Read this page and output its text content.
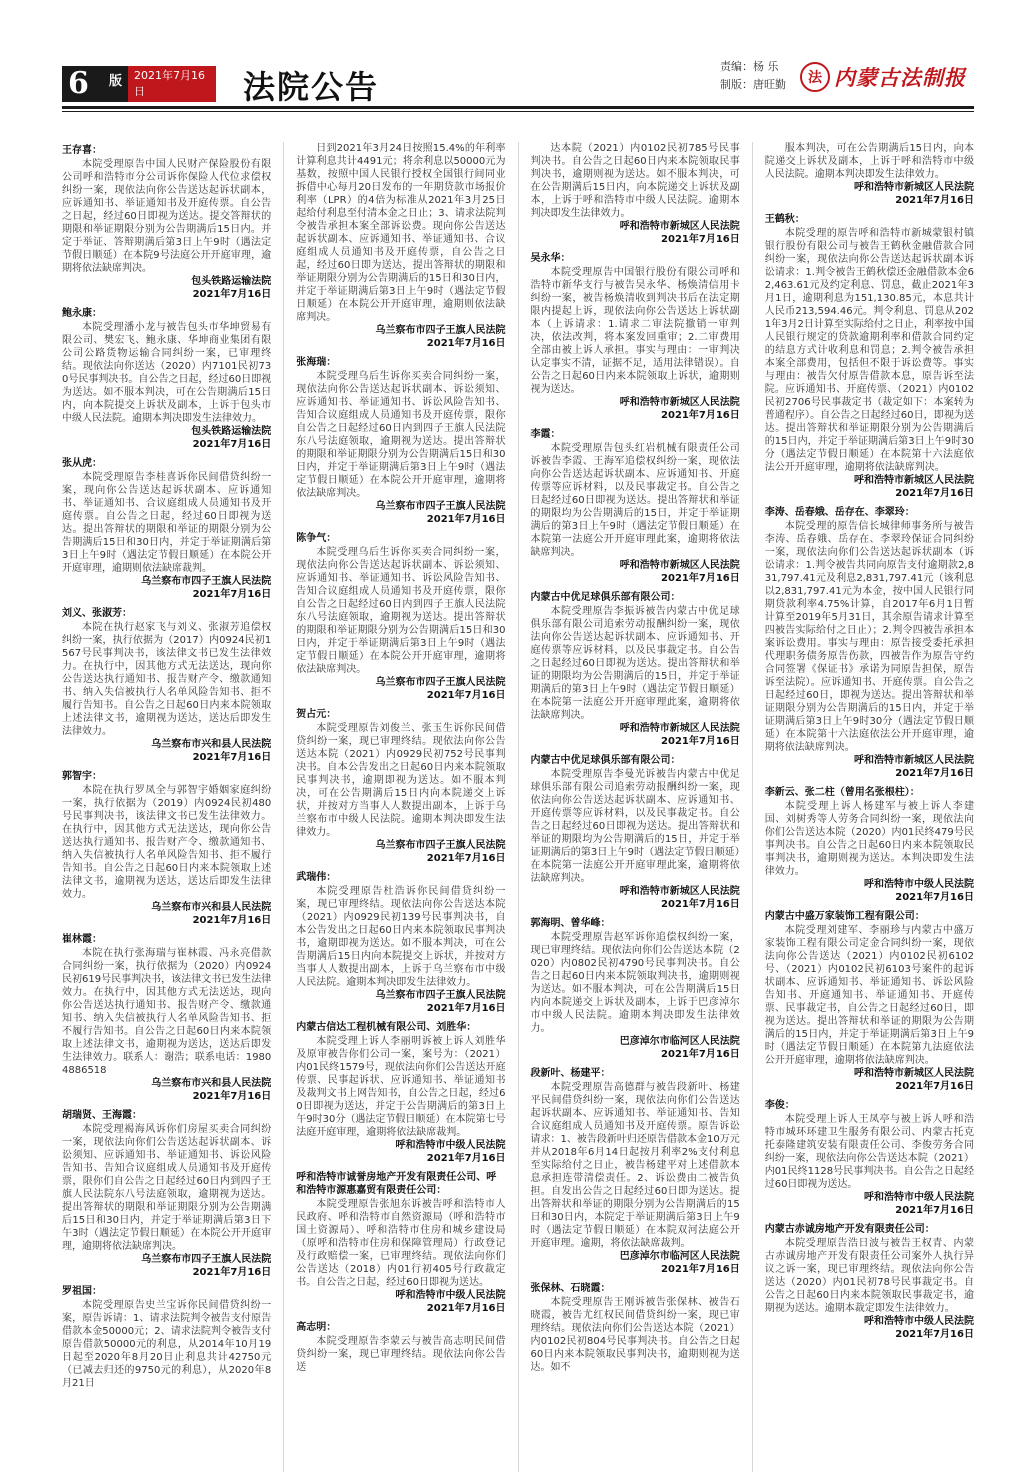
6 版 2021年7月16日	法院公告
责编：杨 乐
制版：唐旺勤	法 内蒙古法制报
王存喜：
本院受理原告中国人民财产保险股份有限公司呼和浩特市分公司诉你保险人代位求偿权纠纷一案，现依法向你公告送达起诉状副本，应诉通知书、举证通知书及开庭传票。自公告之日起，经过60日即视为送达。提交答辩状的期限和举证期限分别为公告期满后15日内。并定于举证、答辩期满后第3日上午9时（遇法定节假日顺延）在本院9号法庭公开开庭审理，逾期将依法缺席判决。
包头铁路运输法院
2021年7月16日
鲍永康：
本院受理潘小龙与被告包头市华坤贸易有限公司、樊宏飞、鲍永康、华坤商业集团有限公司公路货物运输合同纠纷一案，已审理终结。现依法向你送达（2020）内7101民初730号民事判决书。自公告之日起，经过60日即视为送达。如不服本判决，可在公告期满后15日内，向本院提交上诉状及副本，上诉于包头市中级人民法院。逾期本判决即发生法律效力。
包头铁路运输法院
2021年7月16日
张从虎：
本院受理原告李桂喜诉你民间借贷纠纷一案，现向你公告送达起诉状副本、应诉通知书、举证通知书、合议庭组成人员通知书及开庭传票。自公告之日起，经过60日即视为送达。提出答辩状的期限和举证的期限分别为公告期满后15日和30日内，并定于举证期满后第3日上午9时（遇法定节假日顺延）在本院公开开庭审理，逾期则依法缺席裁判。
乌兰察布市四子王旗人民法院
2021年7月16日
刘义、张淑芳：
本院在执行赵家飞与刘义、张淑芳追偿权纠纷一案，执行依据为（2017）内0924民初1567号民事判决书，该法律文书已发生法律效力。在执行中，因其他方式无法送达，现向你公告送达执行通知书、报告财产令、缴款通知书、纳入失信被执行人名单风险告知书、拒不履行告知书。自公告之日起60日内来本院领取上述法律文书，逾期视为送达，送达后即发生法律效力。
乌兰察布市兴和县人民法院
2021年7月16日
郭智宇：
本院在执行罗凤全与郭智宇婚姻家庭纠纷一案，执行依据为（2019）内0924民初480号民事判决书，该法律文书已发生法律效力。在执行中，因其他方式无法送达，现向你公告送达执行通知书、报告财产令、缴款通知书、纳入失信被执行人名单风险告知书、拒不履行告知书。自公告之日起60日内来本院领取上述法律文书，逾期视为送达，送达后即发生法律效力。
乌兰察布市兴和县人民法院
2021年7月16日
崔林霞：
本院在执行张海瑞与崔林霞、冯永亮借款合同纠纷一案，执行依据为（2020）内0924民初619号民事判决书，该法律文书已发生法律效力。在执行中，因其他方式无法送达，现向你公告送达执行通知书、报告财产令、缴款通知书、纳入失信被执行人名单风险告知书、拒不履行告知书。自公告之日起60日内来本院领取上述法律文书，逾期视为送达，送达后即发生法律效力。联系人：谢浩；联系电话：19804886518
乌兰察布市兴和县人民法院
2021年7月16日
胡瑞贤、王海霞：
本院受理褐海风诉你们房屋买卖合同纠纷一案，现依法向你们公告送达起诉状副本、诉讼须知、应诉通知书、举证通知书、诉讼风险告知书、告知合议庭组成人员通知书及开庭传票，限你们自公告之日起经过60日内到四子王旗人民法院东八号法庭领取，逾期视为送达。提出答辩状的期限和举证期限分别为公告期满后15日和30日内，并定于举证期满后第3日下午3时（遇法定节假日顺延）在本院公开开庭审理，逾期将依法缺席判决。
乌兰察布市四子王旗人民法院
2021年7月16日
罗祖国：
本院受理原告史兰宝诉你民间借贷纠纷一案，原告诉请：1、请求法院判令被告支付原告借款本金50000元；2、请求法院判令被告支付原告借款50000元的利息，从2014年10月19日起至2020年8月20日止利息共计42750元（已减去归还的9750元的利息），从2020年8月21日
日到2021年3月24日按照15.4%的年利率计算利息共计4491元；将余利息以50000元为基数，按照中国人民银行授权全国银行间同业拆借中心每月20日发布的一年期贷款市场报价利率（LPR）的4倍为标准从2021年3月25日起给付利息至付清本金之日止；3、请求法院判令被告承担本案全部诉讼费。现向你公告送达起诉状副本、应诉通知书、举证通知书、合议庭组成人员通知书及开庭传票，自公告之日起，经过60日即为送达，提出答辩状的期限和举证期限分别为公告期满后的15日和30日内，并定于举证期满后第3日上午9时（遇法定节假日顺延）在本院公开开庭审理，逾期则依法缺席判决。
乌兰察布市四子王旗人民法院
2021年7月16日
张海瑞：
本院受理乌后生诉你买卖合同纠纷一案，现依法向你公告送达起诉状副本、诉讼须知、应诉通知书、举证通知书、诉讼风险告知书、告知合议庭组成人员通知书及开庭传票，限你自公告之日起经过60日内到四子王旗人民法院东八号法庭领取，逾期视为送达。提出答辩状的期限和举证期限分别为公告期满后15日和30日内，并定于举证期满后第3日上午9时（遇法定节假日顺延）在本院公开开庭审理，逾期将依法缺席判决。
乌兰察布市四子王旗人民法院
2021年7月16日
陈争气：
本院受理乌后生诉你买卖合同纠纷一案，现依法向你公告送达起诉状副本、诉讼须知、应诉通知书、举证通知书、诉讼风险告知书、告知合议庭组成人员通知书及开庭传票，限你自公告之日起经过60日内到四子王旗人民法院东八号法庭领取，逾期视为送达。提出答辩状的期限和举证期限分别为公告期满后15日和30日内，并定于举证期满后第3日上午9时（遇法定节假日顺延）在本院公开开庭审理，逾期将依法缺席判决。
乌兰察布市四子王旗人民法院
2021年7月16日
贺占元：
本院受理原告刘俊兰、张玉生诉你民间借贷纠纷一案，现已审理终结。现依法向你公告送达本院（2021）内0929民初752号民事判决书。自本公告发出之日起60日内来本院领取民事判决书，逾期即视为送达。如不服本判决，可在公告期满后15日内向本院递交上诉状，并按对方当事人人数提出副本，上诉于乌兰察布市中级人民法院。逾期本判决即发生法律效力。
乌兰察布市四子王旗人民法院
2021年7月16日
武瑞伟：
本院受理原告杜浩诉你民间借贷纠纷一案，现已审理终结。现依法向你公告送达本院（2021）内0929民初139号民事判决书，自本公告发出之日起60日内来本院领取民事判决书，逾期即视为送达。如不服本判决，可在公告期满后15日内向本院提交上诉状，并按对方当事人人数提出副本，上诉于乌兰察布市中级人民法院。逾期本判决即发生法律效力。
乌兰察布市四子王旗人民法院
2021年7月16日
内蒙古信达工程机械有限公司、刘胜华：
本院受理上诉人李丽明诉被上诉人刘胜华及原审被告你们公司一案，案号为：（2021）内01民终1579号，现依法向你们公告送达开庭传票、民事起诉状、应诉通知书、举证通知书及裁判文书上网告知书，自公告之日起，经过60日即视为送达，并定于公告期满后的第3日上午9时30分（遇法定节假日顺延）在本院第七号法庭开庭审理，逾期将依法缺席裁判。
呼和浩特市中级人民法院
2021年7月16日
呼和浩特市诚誉房地产开发有限责任公司、呼和浩特市源惠嘉贸有限责任公司：
本院受理原告张旭东诉被告呼和浩特市人民政府、呼和浩特市自然资源局（呼和浩特市国土资源局）、呼和浩特市住房和城乡建设局（原呼和浩特市住房和保障管理局）行政登记及行政赔偿一案，已审理终结。现依法向你们公告送达（2018）内01行初405号行政裁定书。自公告之日起，经过60日即视为送达。
呼和浩特市中级人民法院
2021年7月16日
高志明：
本院受理原告李蒙云与被告高志明民间借贷纠纷一案，现已审理终结。现依法向你公告送
达本院（2021）内0102民初785号民事判决书。自公告之日起60日内来本院领取民事判决书，逾期则视为送达。如不服本判决，可在公告期满后15日内，向本院递交上诉状及副本，上诉于呼和浩特市中级人民法院。逾期本判决即发生法律效力。
呼和浩特市新城区人民法院
2021年7月16日
吴永华：
本院受理原告中国银行股份有限公司呼和浩特市新华支行与被告吴永华、杨焕清信用卡纠纷一案，被告杨焕清收到判决书后在法定期限内提起上诉，现依法向你公告送达上诉状副本（上诉请求：1.请求二审法院撤销一审判决，依法改判，将本案发回重审；2.二审费用全部由被上诉人承担。事实与理由：一审判决认定事实不清，证据不足，适用法律错误）。自公告之日起60日内来本院领取上诉状，逾期则视为送达。
呼和浩特市新城区人民法院
2021年7月16日
李霞：
本院受理原告包头红岩机械有限责任公司诉被告李霞、王海军追偿权纠纷一案，现依法向你公告送达起诉状副本、应诉通知书、开庭传票等应诉材料，以及民事裁定书。自公告之日起经过60日即视为送达。提出答辩状和举证的期限均为公告期满后的15日，并定于举证期满后的第3日上午9时（遇法定节假日顺延）在本院第一法庭公开开庭审理此案，逾期将依法缺席判决。
呼和浩特市新城区人民法院
2021年7月16日
内蒙古中优足球俱乐部有限公司：
本院受理原告李振诉被告内蒙古中优足球俱乐部有限公司追索劳动报酬纠纷一案，现依法向你公告送达起诉状副本、应诉通知书、开庭传票等应诉材料，以及民事裁定书。自公告之日起经过60日即视为送达。提出答辩状和举证的期限均为公告期满后的15日，并定于举证期满后的第3日上午9时（遇法定节假日顺延）在本院第一法庭公开开庭审理此案，逾期将依法缺席判决。
呼和浩特市新城区人民法院
2021年7月16日
内蒙古中优足球俱乐部有限公司：
本院受理原告李曼光诉被告内蒙古中优足球俱乐部有限公司追索劳动报酬纠纷一案，现依法向你公告送达起诉状副本、应诉通知书、开庭传票等应诉材料，以及民事裁定书。自公告之日起经过60日即视为送达。提出答辩状和举证的期限均为公告期满后的15日，并定于举证期满后的第3日上午9时（遇法定节假日顺延）在本院第一法庭公开开庭审理此案，逾期将依法缺席判决。
呼和浩特市新城区人民法院
2021年7月16日
郭海明、曾华峰：
本院受理原告赵军诉你追偿权纠纷一案，现已审理终结。现依法向你们公告送达本院（2020）内0802民初4790号民事判决书。自公告之日起60日内来本院领取判决书，逾期则视为送达。如不服本判决，可在公告期满后15日内向本院递交上诉状及副本，上诉于巴彦淖尔市中级人民法院。逾期本判决即发生法律效力。
巴彦淖尔市临河区人民法院
2021年7月16日
段新叶、杨建平：
本院受理原告高德群与被告段新叶、杨建平民间借贷纠纷一案，现依法向你们公告送达起诉状副本、应诉通知书、举证通知书、告知合议庭组成人员通知书及开庭传票。原告诉讼请求：1、被告段新叶归还原告借款本金10万元并从2018年6月14日起按月利率2%支付利息至实际给付之日止，被告杨建平对上述借款本息承担连带清偿责任。2、诉讼费由二被告负担。自发出公告之日起经过60日即为送达。提出答辩状和举证的期限分别为公告期满后的15日和30日内，本院定于举证期满后第3日上午9时（遇法定节假日顺延）在本院双河法庭公开开庭审理。逾期，将依法缺席裁判。
巴彦淖尔市临河区人民法院
2021年7月16日
张保林、石晓霞：
本院受理原告王刚诉被告张保林、被告石晓霞，被告尤红权民间借贷纠纷一案，现已审理终结。现依法向你们公告送达本院（2021）内0102民初804号民事判决书。自公告之日起60日内来本院领取民事判决书，逾期则视为送达。如不
服本判决，可在公告期满后15日内，向本院递交上诉状及副本，上诉于呼和浩特市中级人民法院。逾期本判决即发生法律效力。
呼和浩特市新城区人民法院
2021年7月16日
王鹤秋：
本院受理的原告呼和浩特市新城蒙银村镇银行股份有限公司与被告王鹤秋金融借款合同纠纷一案，现依法向你公告送达起诉状副本诉讼请求：1.判令被告王鹤秋偿还金融借款本金62,463.61元及约定利息、罚息，截止2021年3月1日，逾期利息为151,130.85元，本息共计人民币213,594.46元。判令利息、罚息从2021年3月2日计算至实际给付之日止，利率按中国人民银行规定的贷款逾期利率和借款合同约定的结息方式计收利息和罚息；2.判令被告承担本案全部费用，包括但不限于诉讼费等。事实与理由：被告欠付原告借款本息，原告诉至法院。应诉通知书、开庭传票、（2021）内0102民初2706号民事裁定书（裁定如下：本案转为普通程序）。自公告之日起经过60日，即视为送达。提出答辩状和举证期限分别为公告期满后的15日内，并定于举证期满后第3日上午9时30分（遇法定节假日顺延）在本院第十六法庭依法公开开庭审理，逾期将依法缺席判决。
呼和浩特市新城区人民法院
2021年7月16日
李涛、岳春娥、岳存在、李翠玲：
本院受理的原告信长城律师事务所与被告李涛、岳春娥、岳存在、李翠玲保证合同纠纷一案，现依法向你们公告送达起诉状副本（诉讼请求：1.判令被告共同向原告支付逾期款2,831,797.41元及利息2,831,797.41元（该利息以2,831,797.41元为本金，按中国人民银行同期贷款利率4.75%计算，自2017年6月1日暂计算至2019年5月31日，其余原告请求计算至四被告实际给付之日止）；2.判令四被告承担本案诉讼费用。事实与理由：原告接受委托承担代理职务债务原告伤款，四被告作为原告守约合同签署《保证书》承诺为同原告担保，原告诉至法院）。应诉通知书、开庭传票。自公告之日起经过60日，即视为送达。提出答辩状和举证期限分别为公告期满后的15日内，并定于举证期满后第3日上午9时30分（遇法定节假日顺延）在本院第十六法庭依法公开开庭审理，逾期将依法缺席判决。
呼和浩特市新城区人民法院
2021年7月16日
李新云、张二柱（曾用名张根柱）：
本院受理上诉人杨建军与被上诉人李建国、刘树秀等人劳务合同纠纷一案，现依法向你们公告送达本院（2020）内01民终479号民事判决书。自公告之日起60日内来本院领取民事判决书，逾期则视为送达。本判决即发生法律效力。
呼和浩特市中级人民法院
2021年7月16日
内蒙古中盛万家装饰工程有限公司：
本院受理刘建军、李丽珍与内蒙古中盛万家装饰工程有限公司定金合同纠纷一案，现依法向你公告送达（2021）内0102民初6102号、（2021）内0102民初6103号案件的起诉状副本、应诉通知书、举证通知书、诉讼风险告知书、开庭通知书、举证通知书、开庭传票、民事裁定书，自公告之日起经过60日，即视为送达。提出答辩状和举证的期限为公告期满后的15日内，并定于举证期满后第3日上午9时（遇法定节假日顺延）在本院第九法庭依法公开开庭审理，逾期将依法缺席判决。
呼和浩特市新城区人民法院
2021年7月16日
李俊：
本院受理上诉人王凤亭与被上诉人呼和浩特市城环环建卫生服务有限公司、内蒙古托克托泰隆建筑安装有限责任公司、李俊劳务合同纠纷一案，现依法向你公告送达本院（2021）内01民终1128号民事判决书。自公告之日起经过60日即视为送达。
呼和浩特市中级人民法院
2021年7月16日
内蒙古赤诚房地产开发有限责任公司：
本院受理原告浩日波与被告王权青、内蒙古赤诚房地产开发有限责任公司案外人执行异议之诉一案，现已审理终结。现依法向你公告送达（2020）内01民初78号民事裁定书。自公告之日起60日内来本院领取民事裁定书，逾期视为送达。逾期本裁定即发生法律效力。
呼和浩特市中级人民法院
2021年7月16日
